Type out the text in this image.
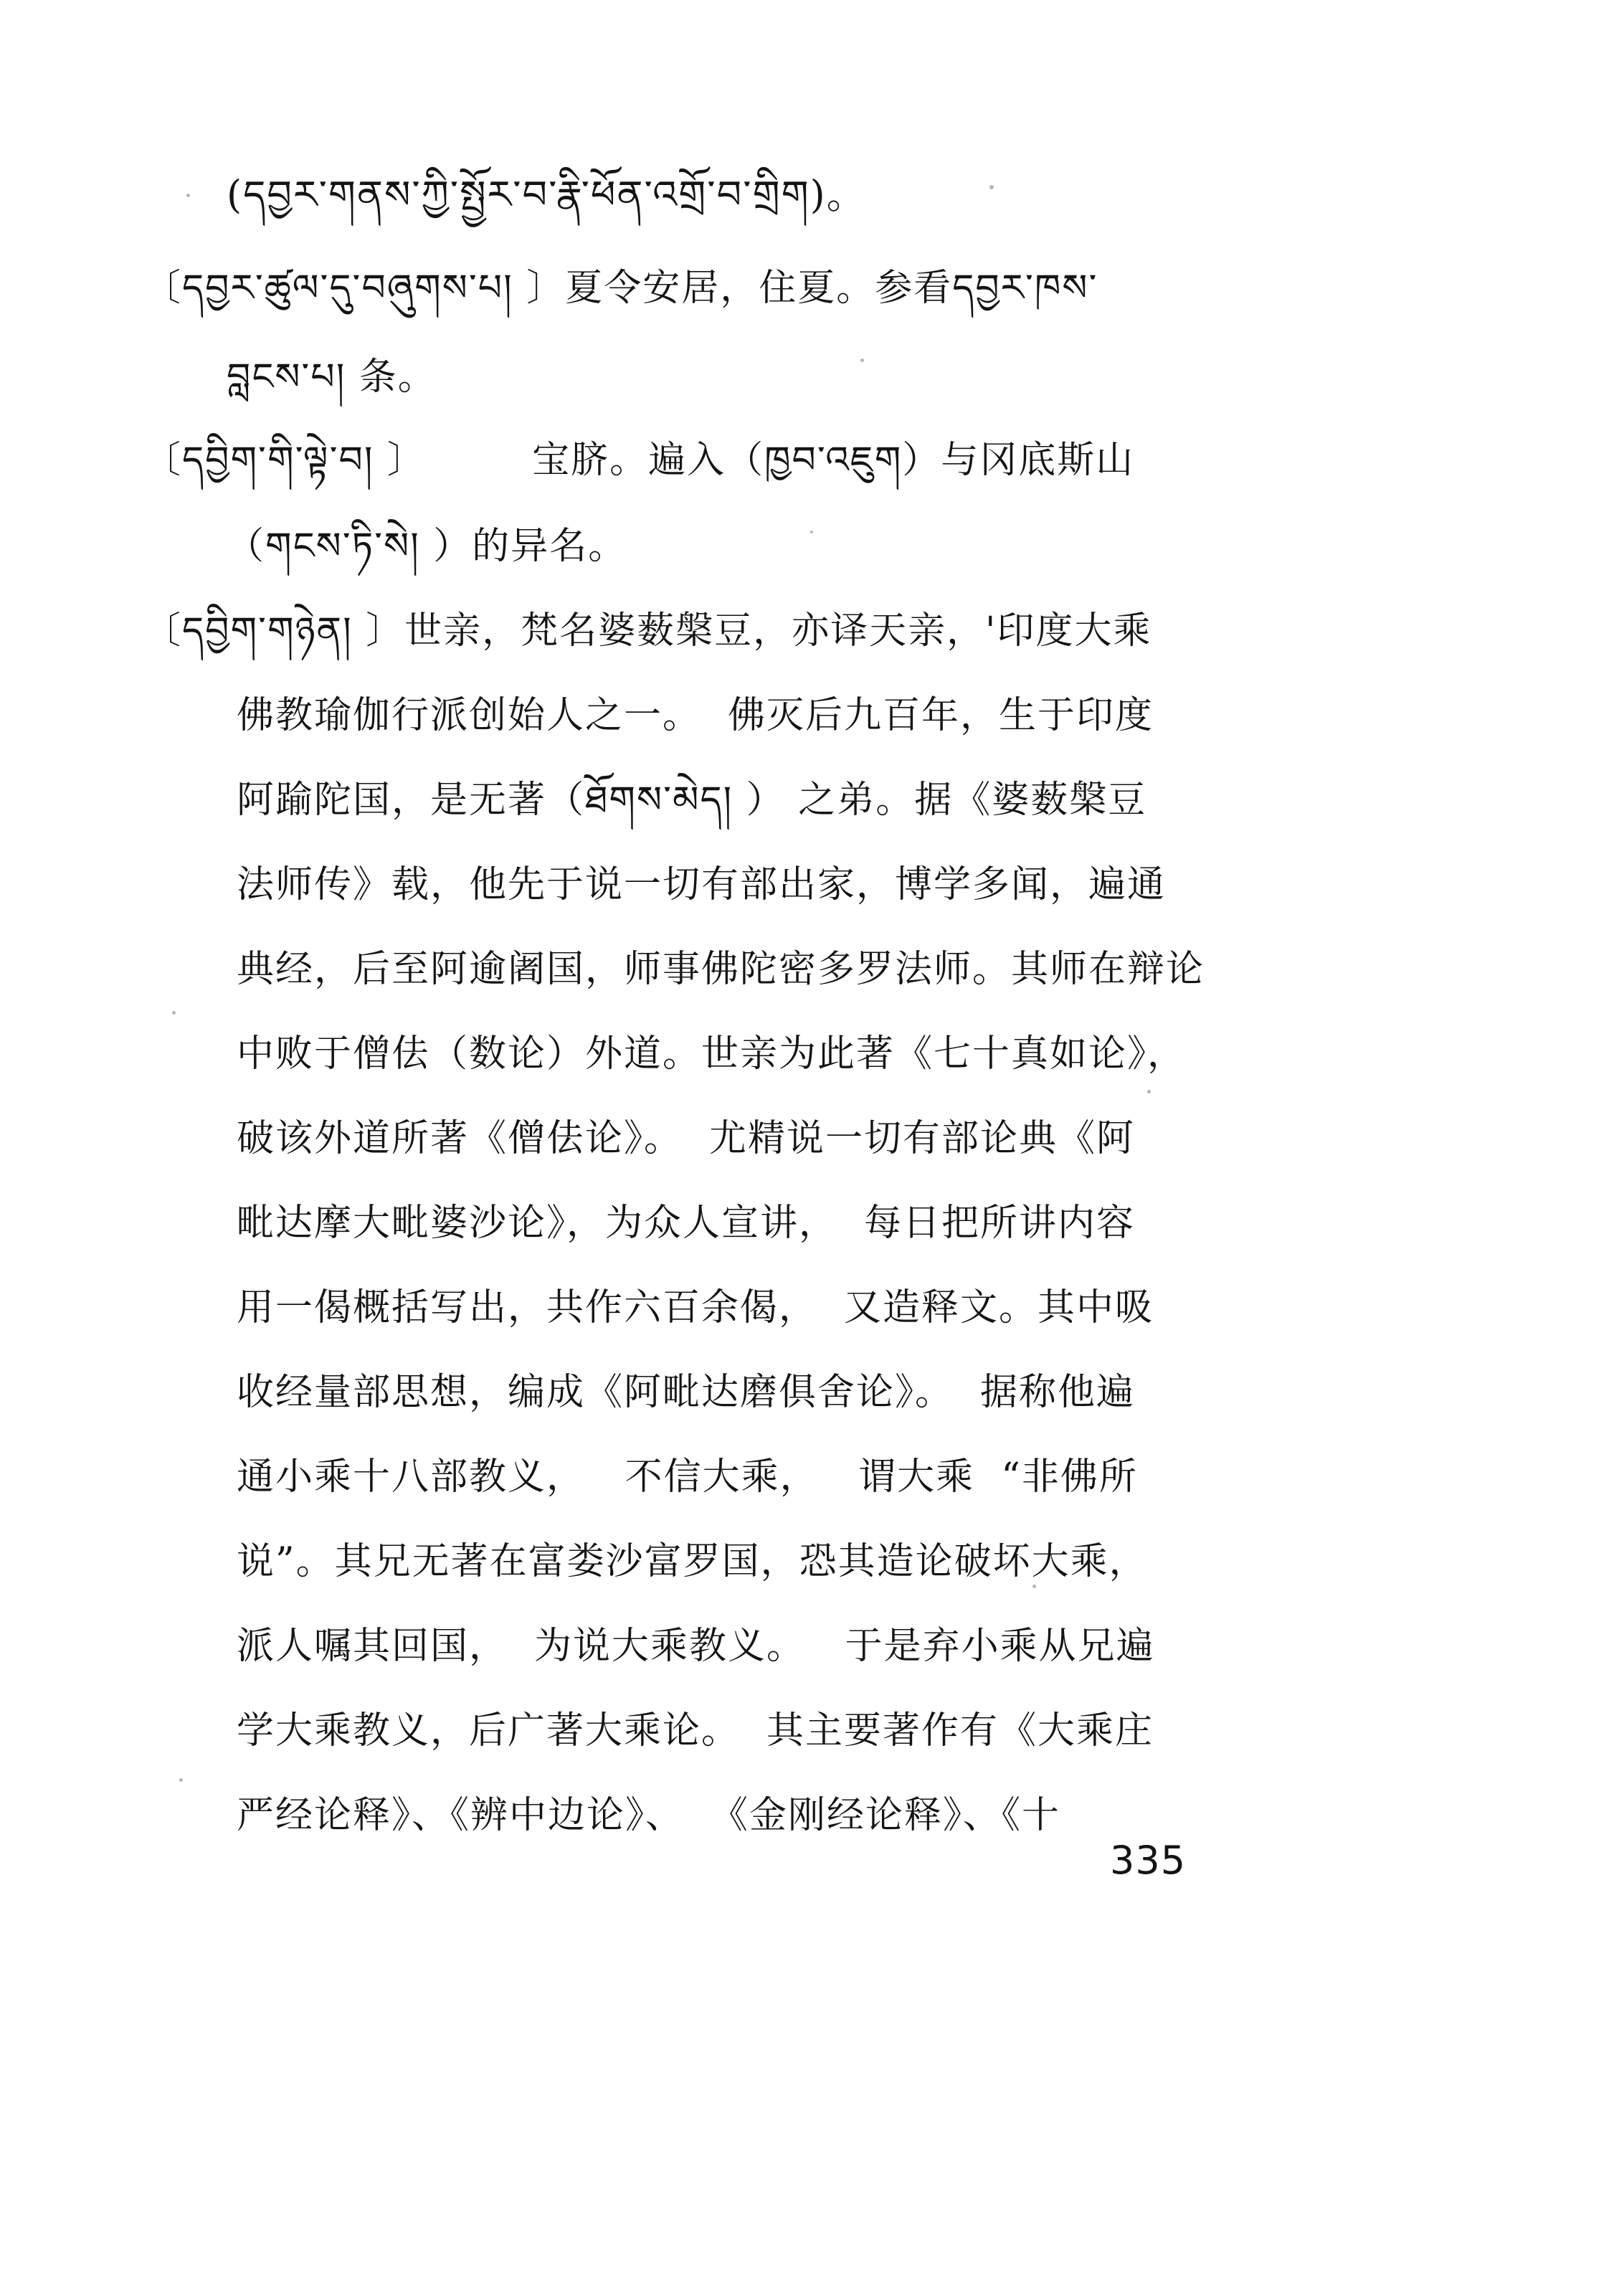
(དབྱར་གནས་ཀྱི་སྤྱོར་བ་རྣི་ཕོན་འགྲོ་བ་གྲིག)。
〔དབྱར་ཚུལ་དུ་བཞུགས་པ། 〕夏令安居，住夏。参看དབྱར་ཁས་
བླངས་པ། 条。
〔དབྱིག་གི་ལྟེ་བ། 〕        宝脐。遍入（ཁྱབ་འཇུག）与冈底斯山
（གངས་ཏི་སེ། ）的异名。
〔དབྱིག་གཉེན། 〕世亲，梵名婆薮槃豆，亦译天亲，'印度大乘
佛教瑜伽行派创始人之一。  佛灭后九百年，生于印度
阿踰陀国，是无著（ཐོགས་མེད། ） 之弟。据《婆薮槃豆
法师传》载，他先于说一切有部出家，博学多闻，遍通
典经，后至阿逾阇国，师事佛陀密多罗法师。其师在辩论
中败于僧佉（数论）外道。世亲为此著《七十真如论》，
破该外道所著《僧佉论》。  尤精说一切有部论典《阿
毗达摩大毗婆沙论》，为众人宣讲，  每日把所讲内容
用一偈概括写出，共作六百余偈，  又造释文。其中吸
收经量部思想，编成《阿毗达磨俱舍论》。  据称他遍
通小乘十八部教义，   不信大乘，   谓大乘  “非佛所
说”。其兄无著在富娄沙富罗国，恐其造论破坏大乘，
派人嘱其回国，  为说大乘教义。   于是弃小乘从兄遍
学大乘教义，后广著大乘论。  其主要著作有《大乘庄
严经论释》、《辨中边论》、  《金刚经论释》、《十
335
